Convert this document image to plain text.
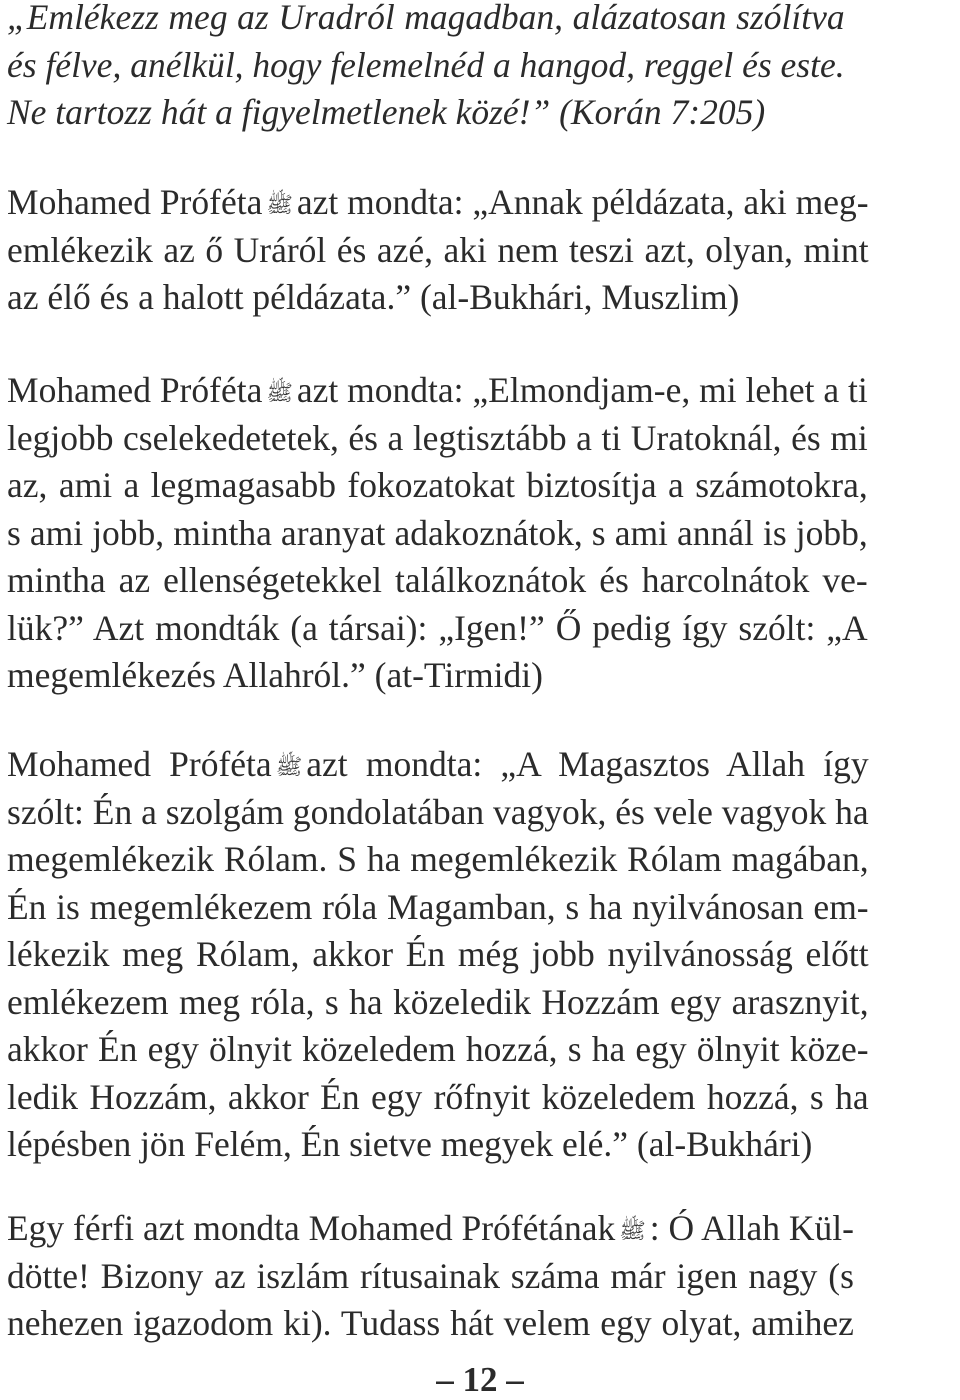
„Emlékezz meg az Uradról magadban, alázatosan szólítva
és félve, anélkül, hogy felemelnéd a hangod, reggel és este.
Ne tartozz hát a figyelmetlenek közé!” (Korán 7:205)
Mohamed Próféta ﷺ azt mondta: „Annak példázata, aki meg-
emlékezik az ő Uráról és azé, aki nem teszi azt, olyan, mint
az élő és a halott példázata.” (al-Bukhári, Muszlim)
Mohamed Próféta ﷺ azt mondta: „Elmondjam-e, mi lehet a ti
legjobb cselekedetetek, és a legtisztább a ti Uratoknál, és mi
az, ami a legmagasabb fokozatokat biztosítja a számotokra,
s ami jobb, mintha aranyat adakoznátok, s ami annál is jobb,
mintha az ellenségetekkel találkoznátok és harcolnátok ve-
lük?” Azt mondták (a társai): „Igen!” Ő pedig így szólt: „A
megemlékezés Allahról.” (at-Tirmidi)
Mohamed Próféta ﷺ azt mondta: „A Magasztos Allah így
szólt: Én a szolgám gondolatában vagyok, és vele vagyok ha
megemlékezik Rólam. S ha megemlékezik Rólam magában,
Én is megemlékezem róla Magamban, s ha nyilvánosan em-
lékezik meg Rólam, akkor Én még jobb nyilvánosság előtt
emlékezem meg róla, s ha közeledik Hozzám egy arasznyit,
akkor Én egy ölnyit közeledem hozzá, s ha egy ölnyit köze-
ledik Hozzám, akkor Én egy rőfnyit közeledem hozzá, s ha
lépésben jön Felém, Én sietve megyek elé.” (al-Bukhári)
Egy férfi azt mondta Mohamed Prófétának ﷺ : Ó Allah Kül-
dötte! Bizony az iszlám rítusainak száma már igen nagy (s
nehezen igazodom ki). Tudass hát velem egy olyat, amihez
– 12 –
